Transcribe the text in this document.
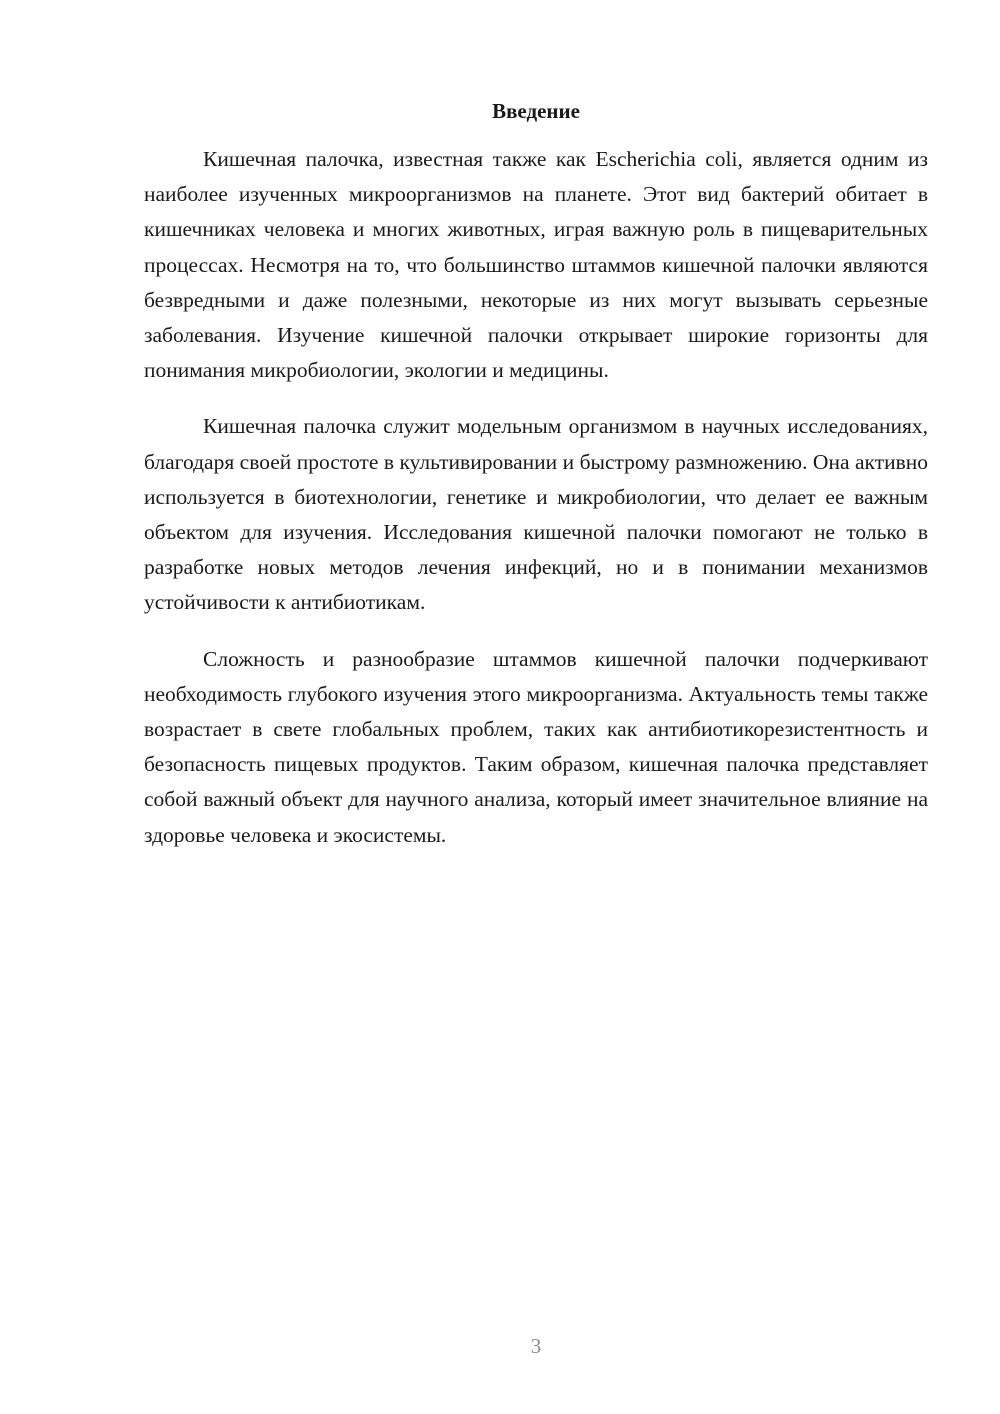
Введение

Кишечная палочка, известная также как Escherichia coli, является одним из наиболее изученных микроорганизмов на планете. Этот вид бактерий обитает в кишечниках человека и многих животных, играя важную роль в пищеварительных процессах. Несмотря на то, что большинство штаммов кишечной палочки являются безвредными и даже полезными, некоторые из них могут вызывать серьезные заболевания. Изучение кишечной палочки открывает широкие горизонты для понимания микробиологии, экологии и медицины.

Кишечная палочка служит модельным организмом в научных исследованиях, благодаря своей простоте в культивировании и быстрому размножению. Она активно используется в биотехнологии, генетике и микробиологии, что делает ее важным объектом для изучения. Исследования кишечной палочки помогают не только в разработке новых методов лечения инфекций, но и в понимании механизмов устойчивости к антибиотикам.

Сложность и разнообразие штаммов кишечной палочки подчеркивают необходимость глубокого изучения этого микроорганизма. Актуальность темы также возрастает в свете глобальных проблем, таких как антибиотикорезистентность и безопасность пищевых продуктов. Таким образом, кишечная палочка представляет собой важный объект для научного анализа, который имеет значительное влияние на здоровье человека и экосистемы.

3
